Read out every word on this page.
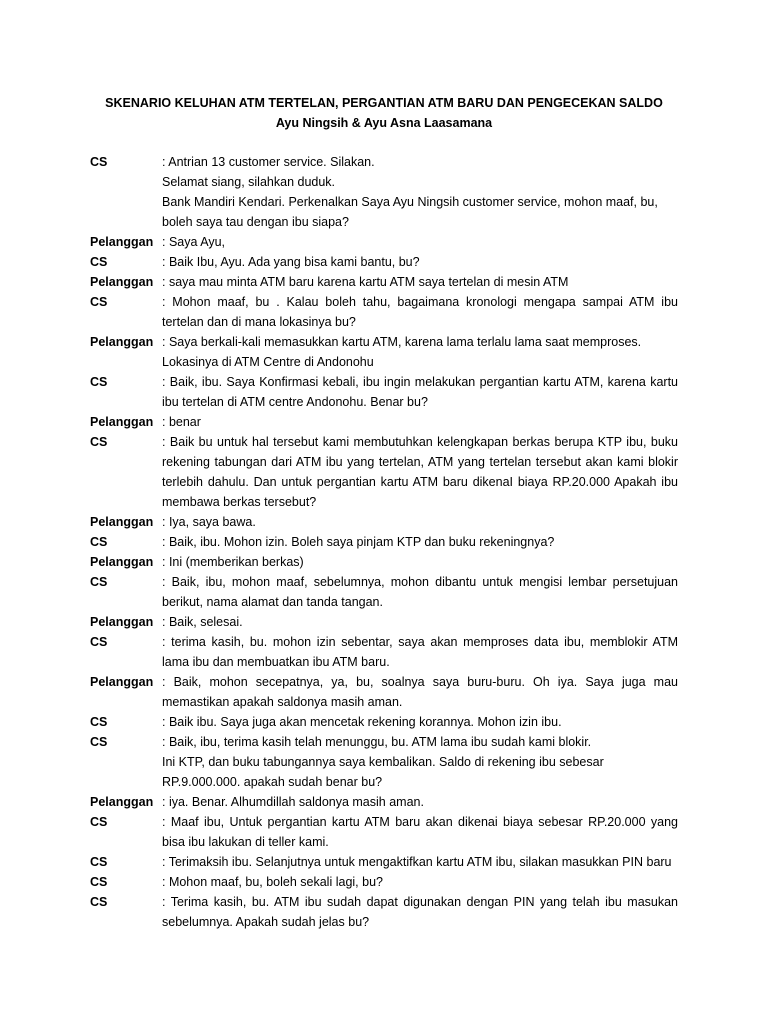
SKENARIO KELUHAN ATM TERTELAN, PERGANTIAN ATM BARU DAN PENGECEKAN SALDO
Ayu Ningsih & Ayu Asna Laasamana
CS	: Antrian 13 customer service. Silakan.
Selamat siang, silahkan duduk.
Bank Mandiri Kendari. Perkenalkan Saya Ayu Ningsih customer service, mohon maaf, bu,
boleh saya tau dengan ibu siapa?
Pelanggan : Saya Ayu,
CS	: Baik Ibu, Ayu. Ada yang bisa kami bantu, bu?
Pelanggan : saya mau minta ATM baru karena kartu ATM saya tertelan di mesin ATM
CS	: Mohon maaf, bu . Kalau boleh tahu, bagaimana kronologi mengapa sampai ATM ibu
tertelan dan di mana lokasinya bu?
Pelanggan : Saya berkali-kali memasukkan kartu ATM, karena lama terlalu lama saat memproses.
Lokasinya di ATM Centre di Andonohu
CS	: Baik, ibu. Saya Konfirmasi kebali, ibu ingin melakukan pergantian kartu ATM, karena kartu
ibu tertelan di ATM centre Andonohu. Benar bu?
Pelanggan : benar
CS	: Baik bu untuk hal tersebut kami membutuhkan kelengkapan berkas berupa KTP ibu, buku
rekening tabungan dari ATM ibu yang tertelan, ATM yang tertelan tersebut akan kami blokir
terlebih dahulu. Dan untuk pergantian kartu ATM baru dikenaI biaya RP.20.000 Apakah ibu
membawa berkas tersebut?
Pelanggan : Iya, saya bawa.
CS	: Baik, ibu. Mohon izin. Boleh saya pinjam KTP dan buku rekeningnya?
Pelanggan : Ini (memberikan berkas)
CS	: Baik, ibu, mohon maaf, sebelumnya, mohon dibantu untuk mengisi lembar persetujuan
berikut, nama alamat dan tanda tangan.
Pelanggan : Baik, selesai.
CS	: terima kasih, bu. mohon izin sebentar, saya akan memproses data ibu, memblokir ATM
lama ibu dan membuatkan ibu ATM baru.
Pelanggan : Baik, mohon secepatnya, ya, bu, soalnya saya buru-buru. Oh iya. Saya juga mau
memastikan apakah saldonya masih aman.
CS	: Baik ibu. Saya juga akan mencetak rekening korannya. Mohon izin ibu.
CS	: Baik, ibu, terima kasih telah menunggu, bu. ATM lama ibu sudah kami blokir.
Ini KTP, dan buku tabungannya saya kembalikan. Saldo di rekening ibu sebesar
RP.9.000.000. apakah sudah benar bu?
Pelanggan : iya. Benar. Alhumdillah saldonya masih aman.
CS	: Maaf ibu, Untuk pergantian kartu ATM baru akan dikenai biaya sebesar RP.20.000 yang
bisa ibu lakukan di teller kami.
CS	: Terimaksih ibu. Selanjutnya untuk mengaktifkan kartu ATM ibu, silakan masukkan PIN baru
CS	: Mohon maaf, bu, boleh sekali lagi, bu?
CS	: Terima kasih, bu. ATM ibu sudah dapat digunakan dengan PIN yang telah ibu masukan
sebelumnya. Apakah sudah jelas bu?
